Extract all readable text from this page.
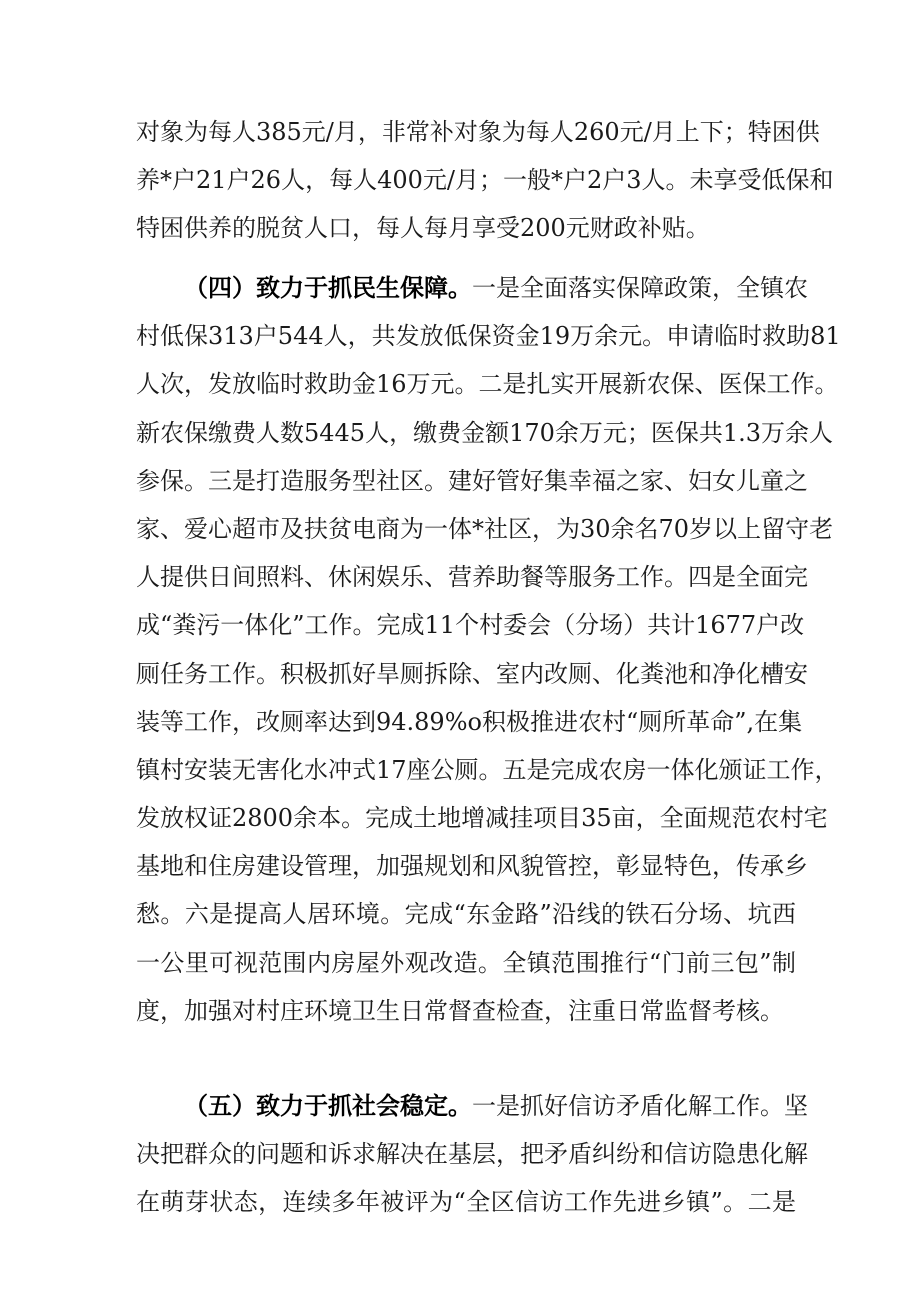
对象为每人385元/月，非常补对象为每人260元/月上下；特困供
养*户21户26人，每人400元/月；一般*户2户3人。未享受低保和
特困供养的脱贫人口，每人每月享受200元财政补贴。
（四）致力于抓民生保障。一是全面落实保障政策，全镇农
村低保313户544人，共发放低保资金19万余元。申请临时救助81
人次，发放临时救助金16万元。二是扎实开展新农保、医保工作。
新农保缴费人数5445人，缴费金额170余万元；医保共1.3万余人
参保。三是打造服务型社区。建好管好集幸福之家、妇女儿童之
家、爱心超市及扶贫电商为一体*社区，为30余名70岁以上留守老
人提供日间照料、休闲娱乐、营养助餐等服务工作。四是全面完
成“粪污一体化”工作。完成11个村委会（分场）共计1677户改
厕任务工作。积极抓好旱厕拆除、室内改厕、化粪池和净化槽安
装等工作，改厕率达到94.89%o积极推进农村“厕所革命”,在集
镇村安装无害化水冲式17座公厕。五是完成农房一体化颁证工作，
发放权证2800余本。完成土地增减挂项目35亩，全面规范农村宅
基地和住房建设管理，加强规划和风貌管控，彰显特色，传承乡
愁。六是提高人居环境。完成“东金路”沿线的铁石分场、坑西
一公里可视范围内房屋外观改造。全镇范围推行“门前三包”制
度，加强对村庄环境卫生日常督查检查，注重日常监督考核。
（五）致力于抓社会稳定。一是抓好信访矛盾化解工作。坚
决把群众的问题和诉求解决在基层，把矛盾纠纷和信访隐患化解
在萌芽状态，连续多年被评为“全区信访工作先进乡镇”。二是
